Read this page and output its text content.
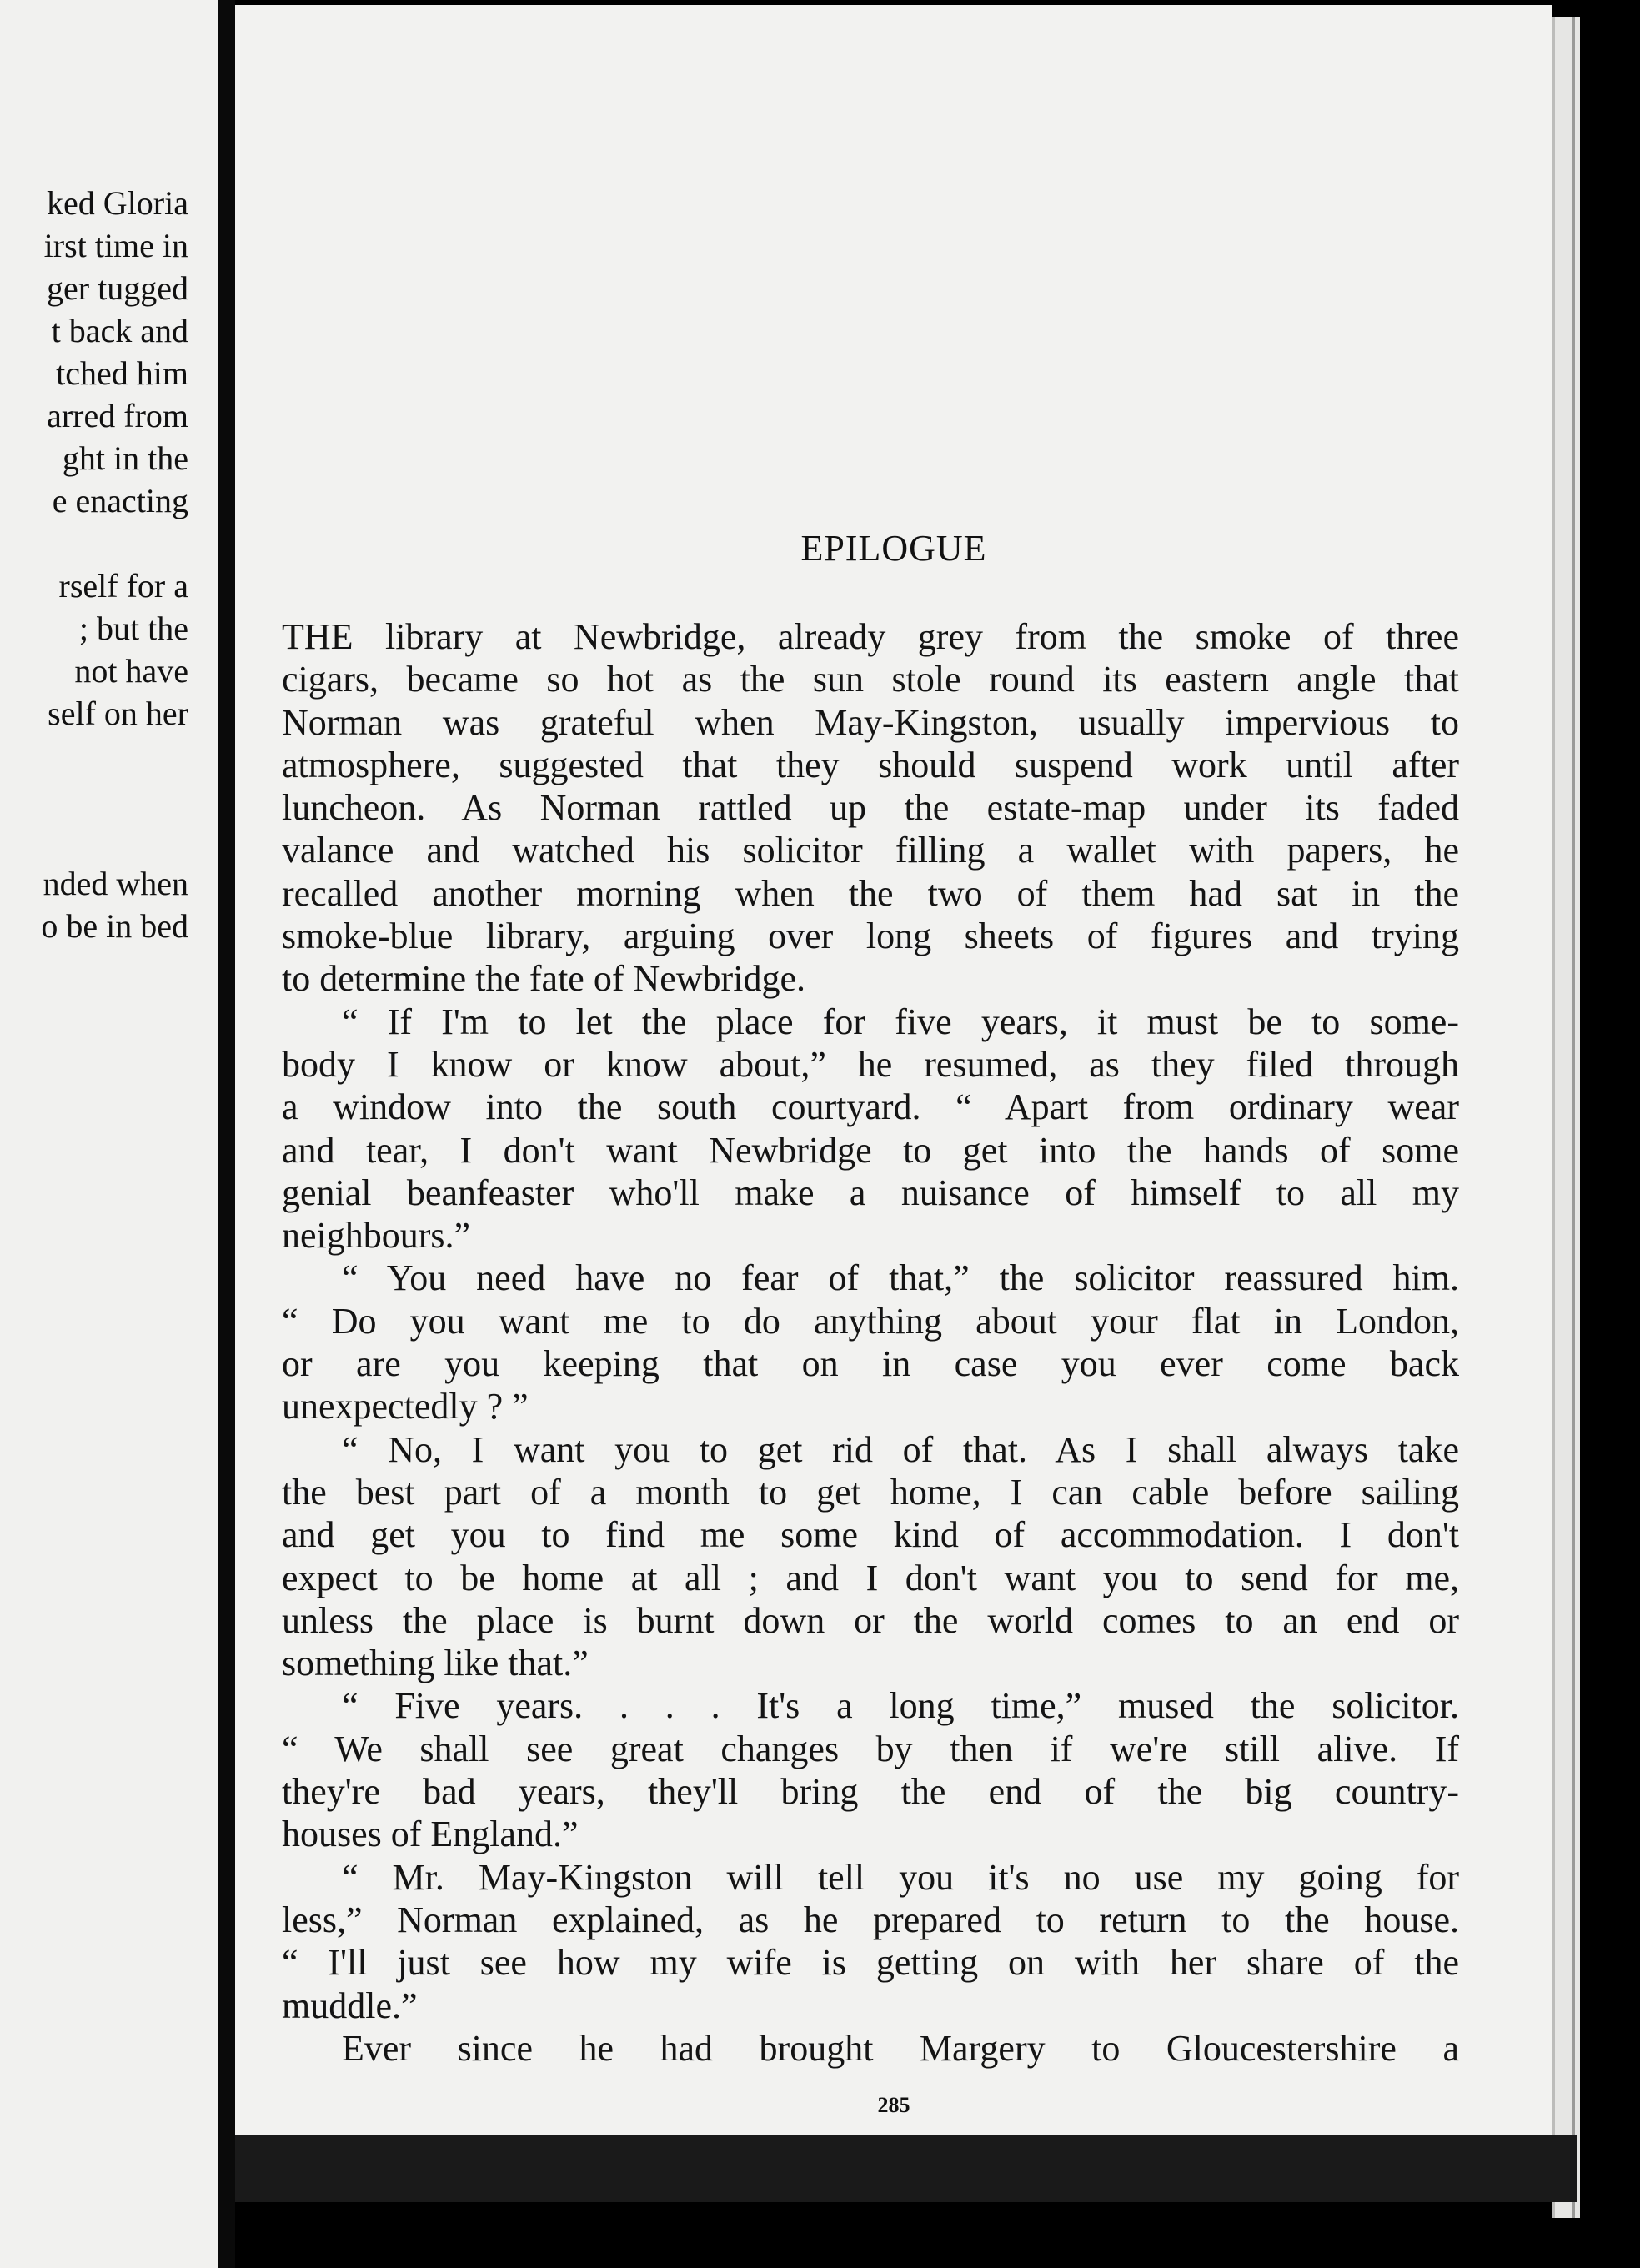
ked Gloria
irst time in
ger tugged
t back and
tched him
arred from
ght in the
e enacting
rself for a
; but the
not have
self on her
nded when
o be in bed
EPILOGUE
THE library at Newbridge, already grey from the smoke of three
cigars, became so hot as the sun stole round its eastern angle that
Norman was grateful when May-Kingston, usually impervious to
atmosphere, suggested that they should suspend work until after
luncheon. As Norman rattled up the estate-map under its faded
valance and watched his solicitor filling a wallet with papers, he
recalled another morning when the two of them had sat in the
smoke-blue library, arguing over long sheets of figures and trying
to determine the fate of Newbridge.
“ If I'm to let the place for five years, it must be to some-
body I know or know about,” he resumed, as they filed through
a window into the south courtyard. “ Apart from ordinary wear
and tear, I don't want Newbridge to get into the hands of some
genial beanfeaster who'll make a nuisance of himself to all my
neighbours.”
“ You need have no fear of that,” the solicitor reassured him.
“ Do you want me to do anything about your flat in London,
or are you keeping that on in case you ever come back
unexpectedly ? ”
“ No, I want you to get rid of that. As I shall always take
the best part of a month to get home, I can cable before sailing
and get you to find me some kind of accommodation. I don't
expect to be home at all ; and I don't want you to send for me,
unless the place is burnt down or the world comes to an end or
something like that.”
“ Five years. . . . It's a long time,” mused the solicitor.
“ We shall see great changes by then if we're still alive. If
they're bad years, they'll bring the end of the big country-
houses of England.”
“ Mr. May-Kingston will tell you it's no use my going for
less,” Norman explained, as he prepared to return to the house.
“ I'll just see how my wife is getting on with her share of the
muddle.”
Ever since he had brought Margery to Gloucestershire a
285
